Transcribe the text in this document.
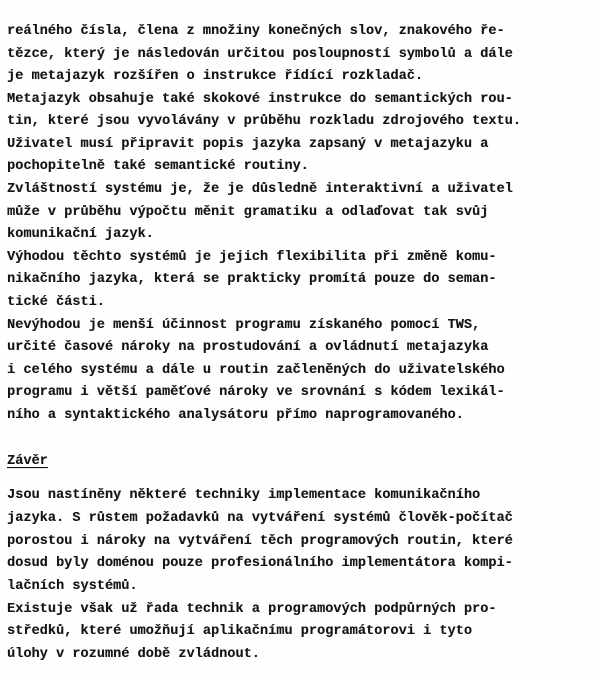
reálného čísla, člena z množiny konečných slov, znakového ře-
tězce, který je následován určitou posloupností symbolů a dále
je metajazyk rozšířen o instrukce řídící rozkladač.
Metajazyk obsahuje také skokové instrukce do semantických rou-
tin, které jsou vyvolávány v průběhu rozkladu zdrojového textu.
Uživatel musí připravit popis jazyka zapsaný v metajazyku a
pochopitelně také semantické routiny.
Zvláštností systému je, že je důsledně interaktivní a uživatel
může v průběhu výpočtu měnit gramatiku a odlaďovat tak svůj
komunikační jazyk.
Výhodou těchto systémů je jejich flexibilita při změně komu-
nikačního jazyka, která se prakticky promítá pouze do seman-
tické části.
Nevýhodou je menší účinnost programu získaného pomocí TWS,
určité časové nároky na prostudování a ovládnutí metajazyka
i celého systému a dále u routin začleněných do uživatelského
programu i větší paměťové nároky ve srovnání s kódem lexikál-
ního a syntaktického analysátoru přímo naprogramovaného.
Závěr
Jsou nastíněny některé techniky implementace komunikačního
jazyka. S růstem požadavků na vytváření systémů člověk-počítač
porostou i nároky na vytváření těch programových routin, které
dosud byly doménou pouze profesionálního implementátora kompi-
lačních systémů.
Existuje však už řada technik a programových podpůrných pro-
středků, které umožňují aplikačnímu programátorovi i tyto
úlohy v rozumné době zvládnout.
